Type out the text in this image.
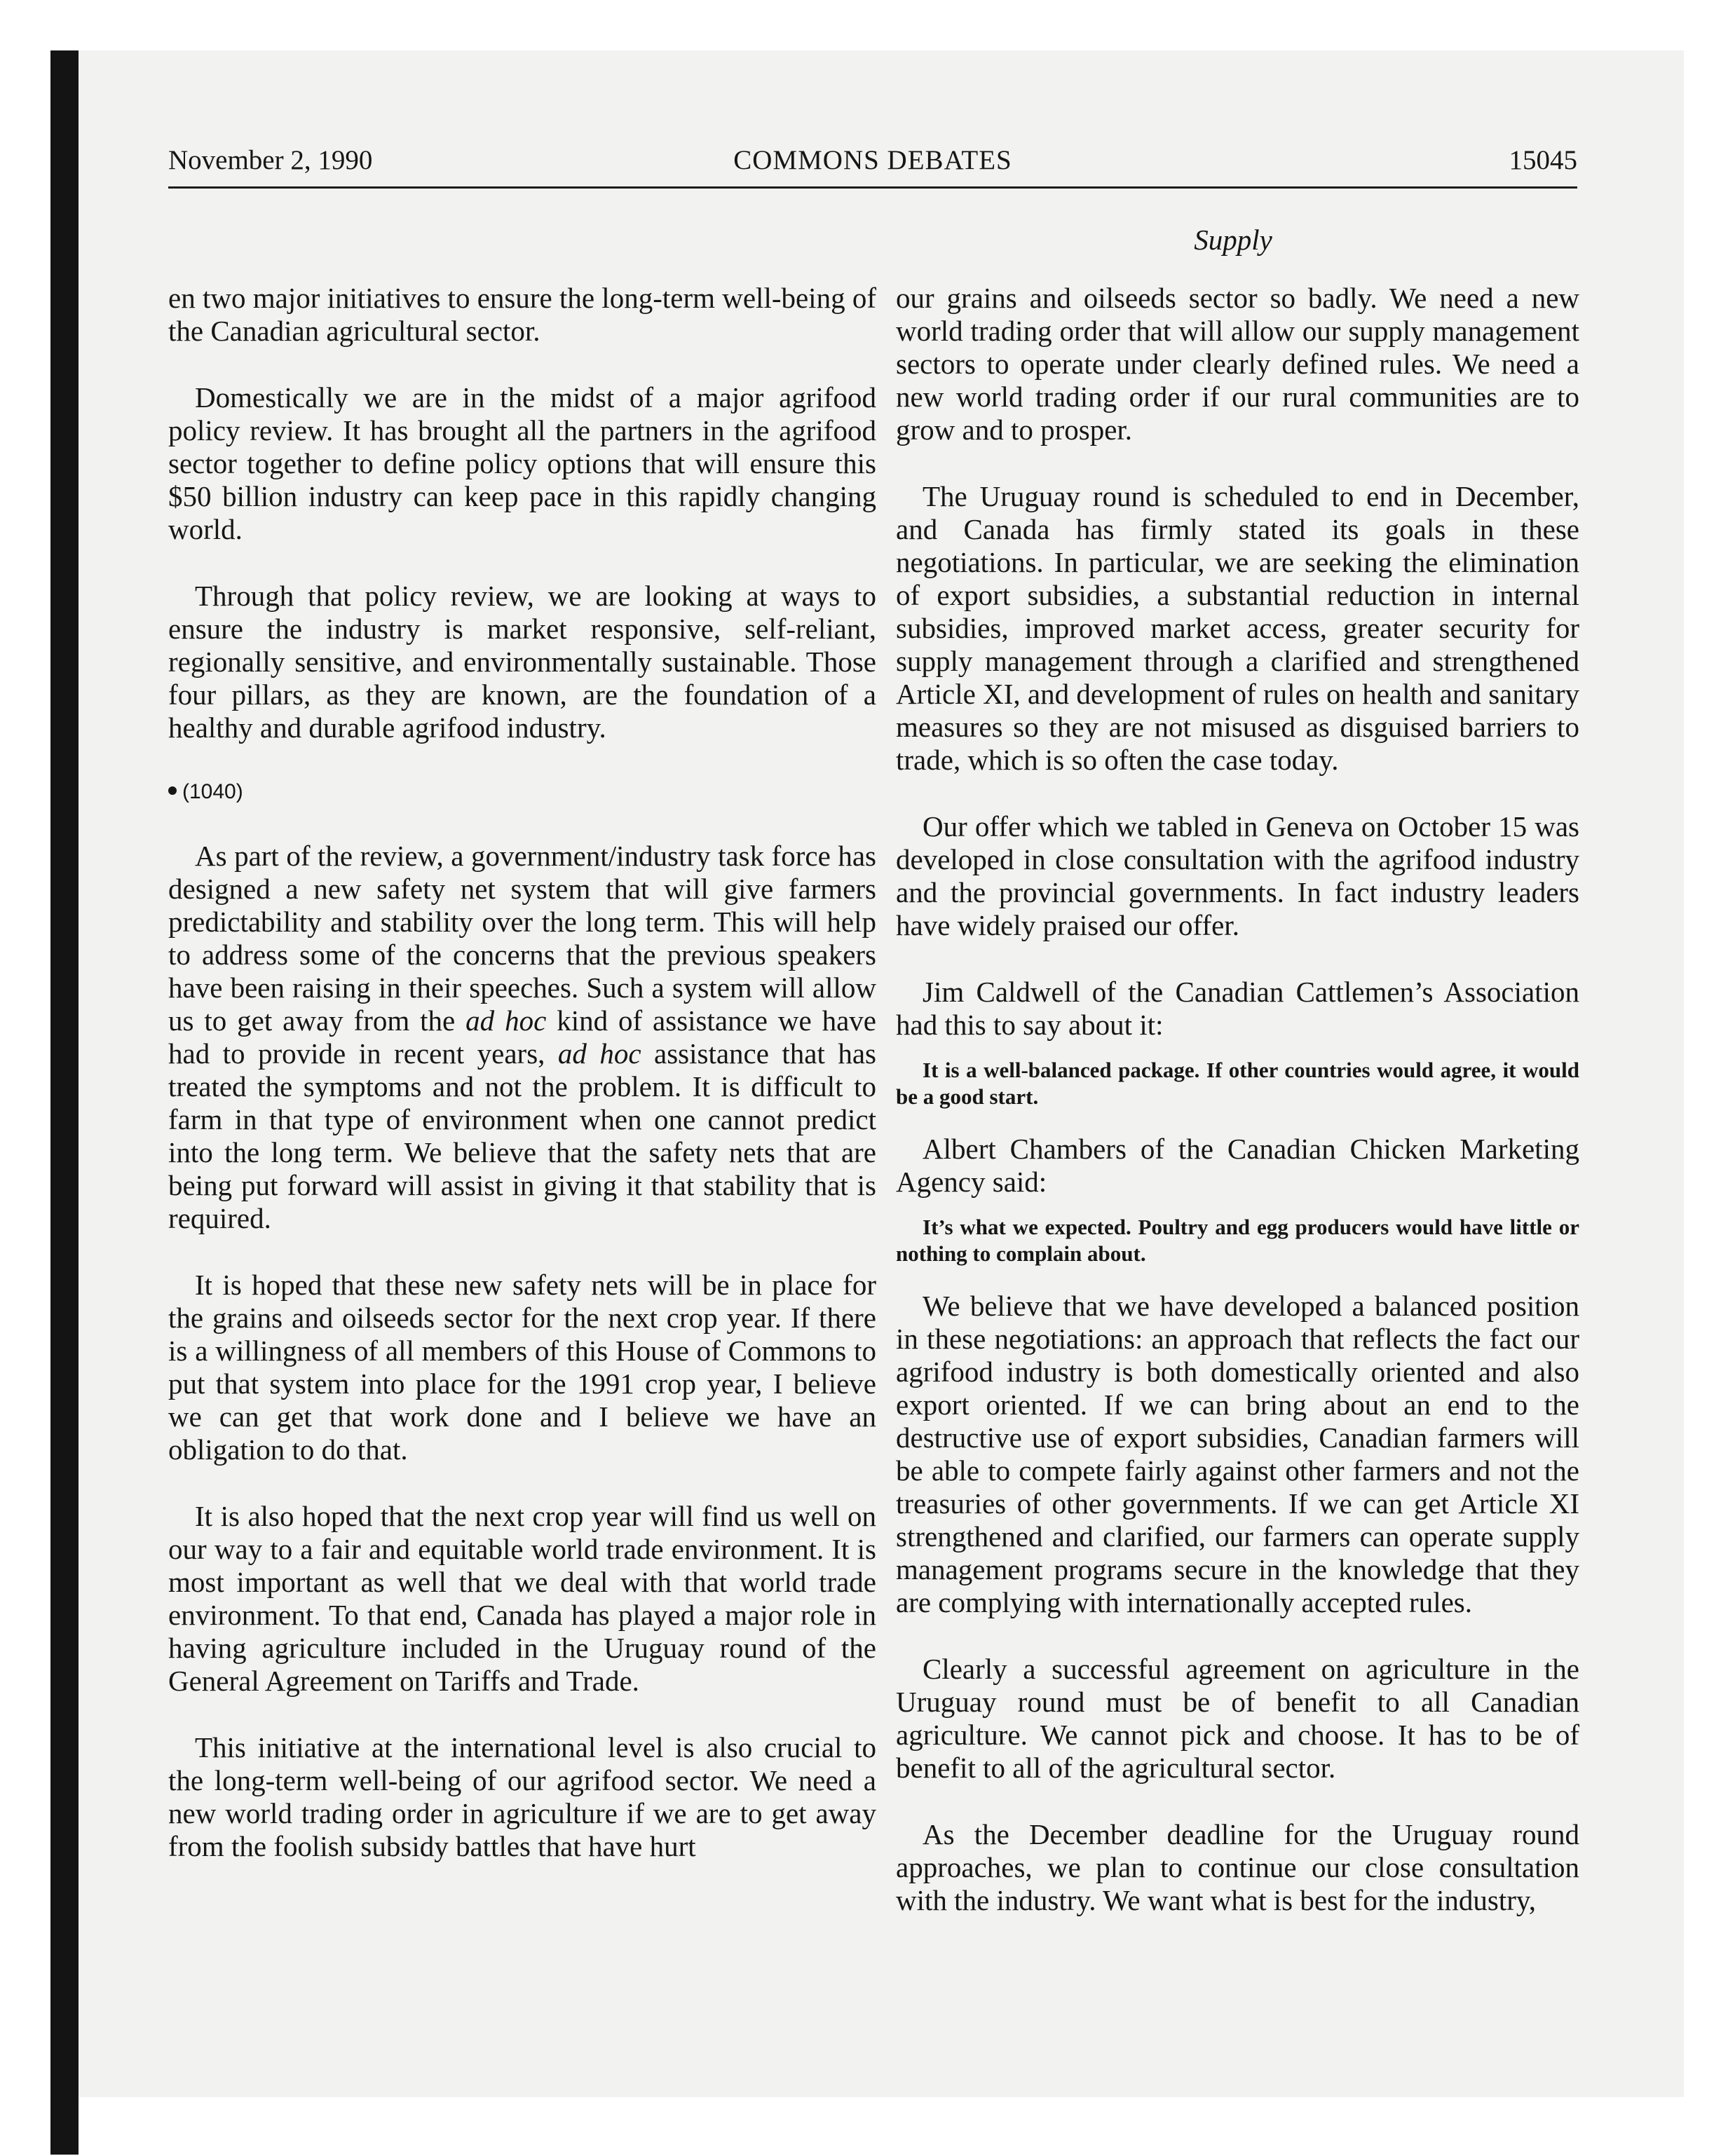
November 2, 1990	COMMONS DEBATES	15045
Supply

en two major initiatives to ensure the long-term well-being of the Canadian agricultural sector.

Domestically we are in the midst of a major agrifood policy review. It has brought all the partners in the agrifood sector together to define policy options that will ensure this $50 billion industry can keep pace in this rapidly changing world.

Through that policy review, we are looking at ways to ensure the industry is market responsive, self-reliant, regionally sensitive, and environmentally sustainable. Those four pillars, as they are known, are the foundation of a healthy and durable agrifood industry.

(1040)

As part of the review, a government/industry task force has designed a new safety net system that will give farmers predictability and stability over the long term. This will help to address some of the concerns that the previous speakers have been raising in their speeches. Such a system will allow us to get away from the ad hoc kind of assistance we have had to provide in recent years, ad hoc assistance that has treated the symptoms and not the problem. It is difficult to farm in that type of environment when one cannot predict into the long term. We believe that the safety nets that are being put forward will assist in giving it that stability that is required.

It is hoped that these new safety nets will be in place for the grains and oilseeds sector for the next crop year. If there is a willingness of all members of this House of Commons to put that system into place for the 1991 crop year, I believe we can get that work done and I believe we have an obligation to do that.

It is also hoped that the next crop year will find us well on our way to a fair and equitable world trade environment. It is most important as well that we deal with that world trade environment. To that end, Canada has played a major role in having agriculture included in the Uruguay round of the General Agreement on Tariffs and Trade.

This initiative at the international level is also crucial to the long-term well-being of our agrifood sector. We need a new world trading order in agriculture if we are to get away from the foolish subsidy battles that have hurt

our grains and oilseeds sector so badly. We need a new world trading order that will allow our supply management sectors to operate under clearly defined rules. We need a new world trading order if our rural communities are to grow and to prosper.

The Uruguay round is scheduled to end in December, and Canada has firmly stated its goals in these negotiations. In particular, we are seeking the elimination of export subsidies, a substantial reduction in internal subsidies, improved market access, greater security for supply management through a clarified and strengthened Article XI, and development of rules on health and sanitary measures so they are not misused as disguised barriers to trade, which is so often the case today.

Our offer which we tabled in Geneva on October 15 was developed in close consultation with the agrifood industry and the provincial governments. In fact industry leaders have widely praised our offer.

Jim Caldwell of the Canadian Cattlemen’s Association had this to say about it:

It is a well-balanced package. If other countries would agree, it would be a good start.

Albert Chambers of the Canadian Chicken Marketing Agency said:

It’s what we expected. Poultry and egg producers would have little or nothing to complain about.

We believe that we have developed a balanced position in these negotiations: an approach that reflects the fact our agrifood industry is both domestically oriented and also export oriented. If we can bring about an end to the destructive use of export subsidies, Canadian farmers will be able to compete fairly against other farmers and not the treasuries of other governments. If we can get Article XI strengthened and clarified, our farmers can operate supply management programs secure in the knowledge that they are complying with internationally accepted rules.

Clearly a successful agreement on agriculture in the Uruguay round must be of benefit to all Canadian agriculture. We cannot pick and choose. It has to be of benefit to all of the agricultural sector.

As the December deadline for the Uruguay round approaches, we plan to continue our close consultation with the industry. We want what is best for the industry,
